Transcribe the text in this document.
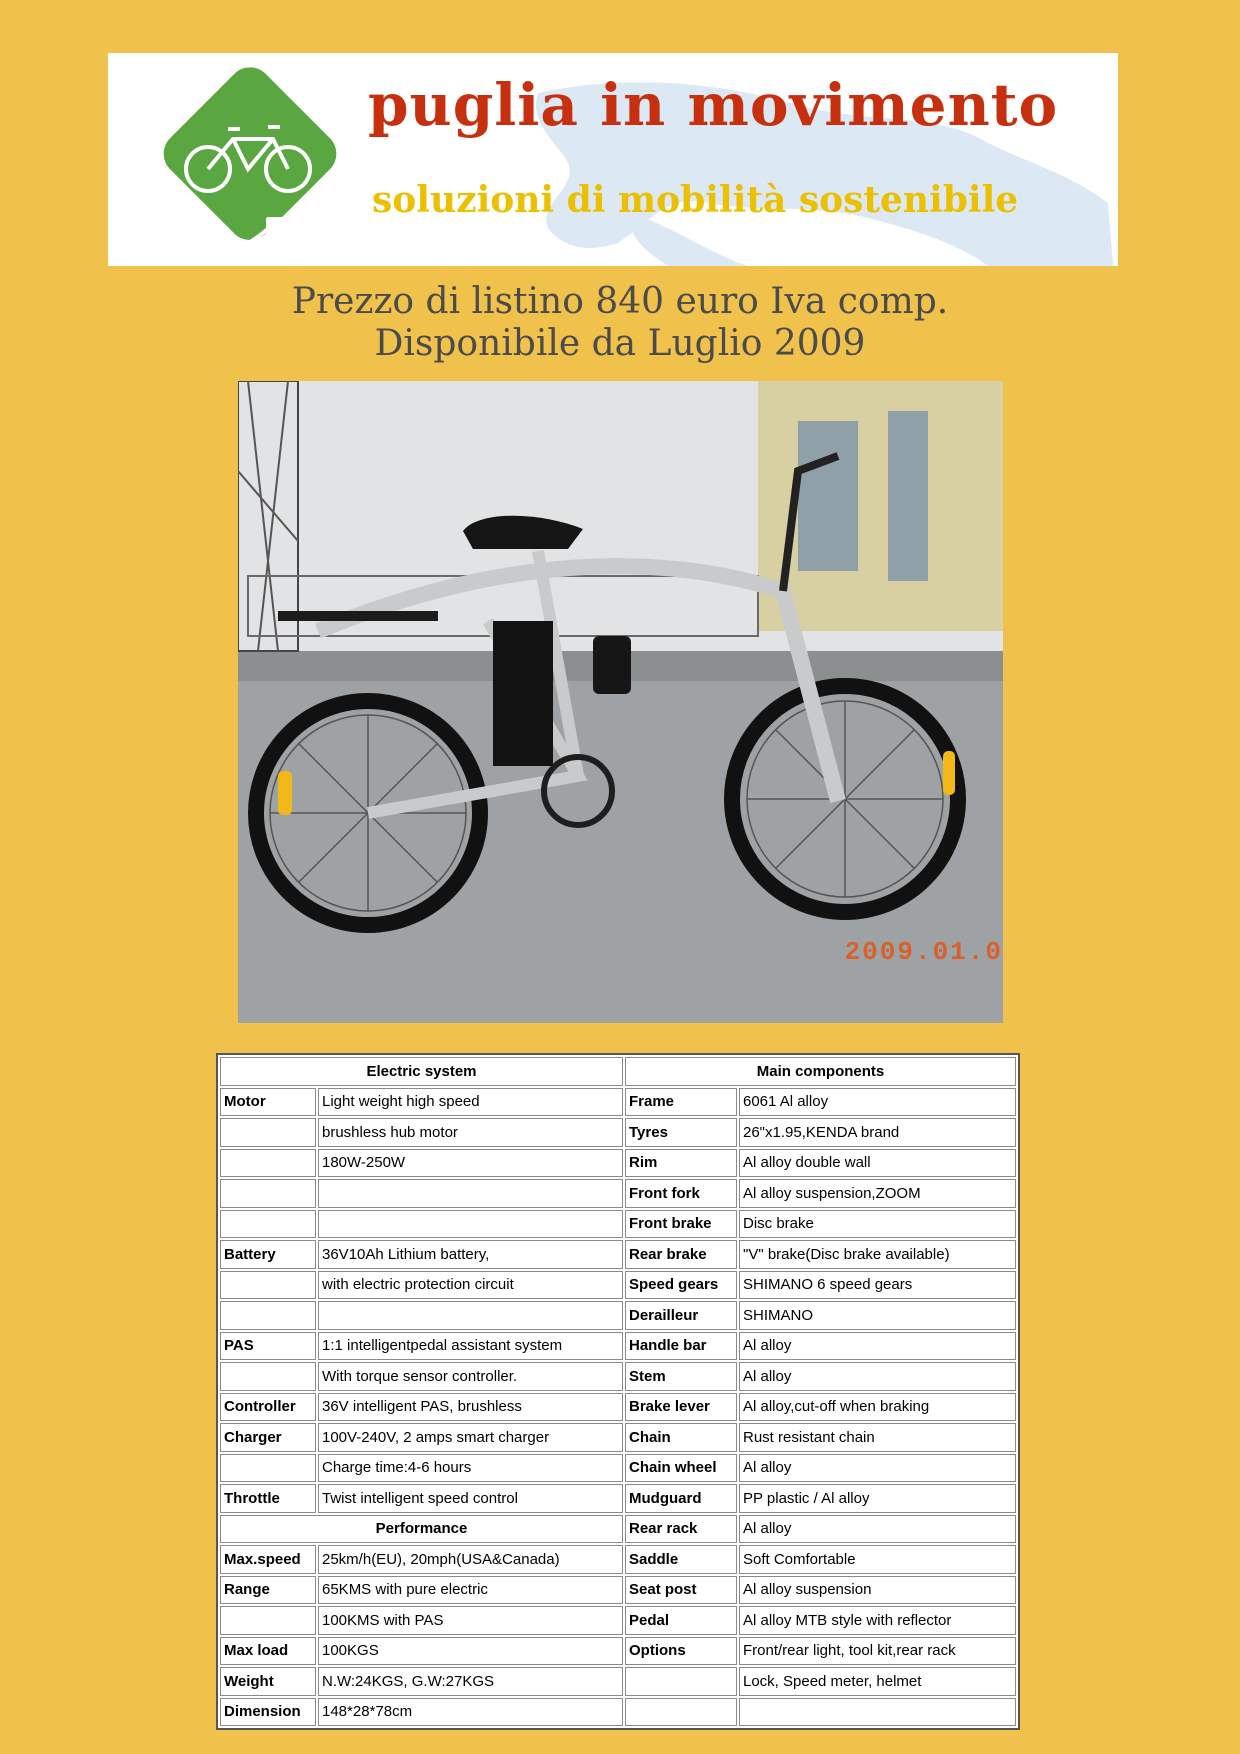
puglia in movimento
soluzioni di mobilità sostenibile
Prezzo di listino 840 euro Iva comp.
Disponibile da Luglio 2009
2009.01.0
Electric system		Main components	
Motor	Light weight high speed	Frame	6061 Al alloy
	brushless hub motor	Tyres	26"x1.95,KENDA brand
	180W-250W	Rim	Al alloy double wall
		Front fork	Al alloy suspension,ZOOM
		Front brake	Disc brake
Battery	36V10Ah Lithium battery,	Rear brake	"V" brake(Disc brake available)
	with electric protection circuit	Speed gears	SHIMANO 6 speed gears
		Derailleur	SHIMANO
PAS	1:1 intelligentpedal assistant system	Handle bar	Al alloy
	With torque sensor controller.	Stem	Al alloy
Controller	36V intelligent PAS, brushless	Brake lever	Al alloy,cut-off when braking
Charger	100V-240V, 2 amps smart charger	Chain	Rust resistant chain
	Charge time:4-6 hours	Chain wheel	Al alloy
Throttle	Twist intelligent speed control	Mudguard	PP plastic / Al alloy
Performance		Rear rack	Al alloy
Max.speed	25km/h(EU), 20mph(USA&Canada)	Saddle	Soft Comfortable
Range	65KMS with pure electric	Seat post	Al alloy suspension
	100KMS with PAS	Pedal	Al alloy MTB style with reflector
Max load	100KGS	Options	Front/rear light, tool kit,rear rack
Weight	N.W:24KGS, G.W:27KGS		Lock, Speed meter, helmet
Dimension	148*28*78cm		
